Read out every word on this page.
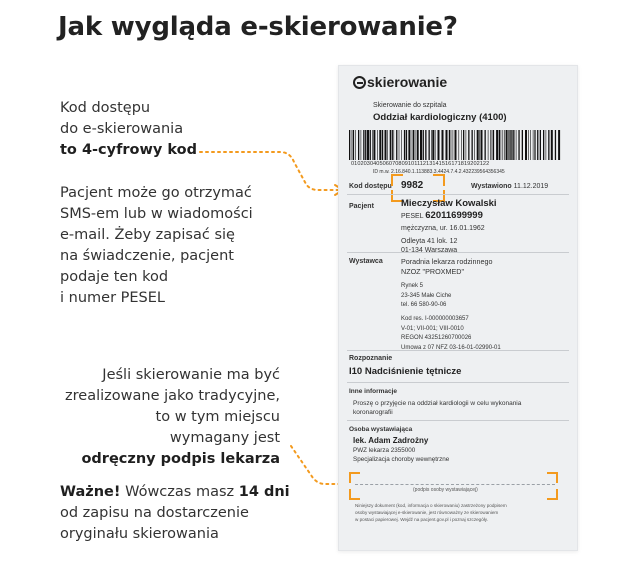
Jak wygląda e-skierowanie?
Kod dostępu
do e-skierowania
to 4-cyfrowy kod
Pacjent może go otrzymać
SMS-em lub w wiadomości
e-mail. Żeby zapisać się
na świadczenie, pacjent
podaje ten kod
i numer PESEL
Jeśli skierowanie ma być
zrealizowane jako tradycyjne,
to w tym miejscu
wymagany jest
odręczny podpis lekarza
Ważne! Wówczas masz 14 dni
od zapisu na dostarczenie
oryginału skierowania
skierowanie
Skierowanie do szpitala
Oddział kardiologiczny (4100)
01020304050607080910111213141516171819202122
ID m.w. 2.16.840.1.113883.3.4424.7.4.2.432239564356345
Kod dostępu 9982	Wystawiono 11.12.2019
Pacjent	Mieczysław Kowalski
PESEL 62011699999
mężczyzna, ur. 16.01.1962
Odleyta 41 lok. 12
01-134 Warszawa
Wystawca	Poradnia lekarza rodzinnego
NZOZ "PROXMED"
Rynek 5
23-345 Małe Ciche
tel. 66 580-90-06
Kod res. I-000000003657
V-01; VII-001; VIII-0010
REGON 43251260700026
Umowa z 07 NFZ 03-16-01-02990-01
Rozpoznanie
I10 Nadciśnienie tętnicze
Inne informacje
Proszę o przyjęcie na oddział kardiologii w celu wykonania
koronarografii
Osoba wystawiająca
lek. Adam Zadrożny
PWZ lekarza 2355000
Specjalizacja choroby wewnętrzne
(podpis osoby wystawiającej)
Niniejszy dokument (kod, informacja o skierowaniu) zastrzeżony podpisem
osoby wystawiającej e-skierowanie, jest równoważny ze skierowaniem
w postaci papierowej. Wejdź na pacjent.gov.pl i poznaj szczegóły.
